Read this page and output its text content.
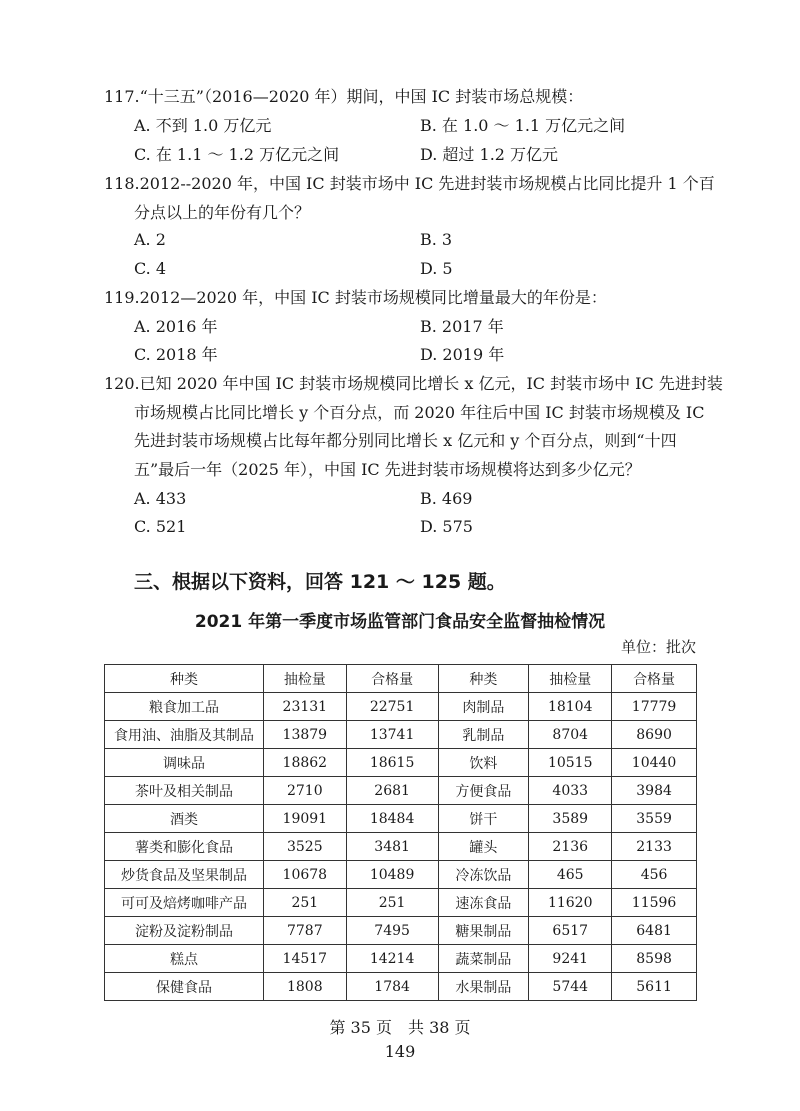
117.“十三五”（2016—2020 年）期间，中国 IC 封装市场总规模：
A. 不到 1.0 万亿元	B. 在 1.0 ～ 1.1 万亿元之间
C. 在 1.1 ～ 1.2 万亿元之间	D. 超过 1.2 万亿元
118.2012--2020 年，中国 IC 封装市场中 IC 先进封装市场规模占比同比提升 1 个百
分点以上的年份有几个？
A. 2	B. 3
C. 4	D. 5
119.2012—2020 年，中国 IC 封装市场规模同比增量最大的年份是：
A. 2016 年	B. 2017 年
C. 2018 年	D. 2019 年
120.已知 2020 年中国 IC 封装市场规模同比增长 x 亿元，IC 封装市场中 IC 先进封装
市场规模占比同比增长 y 个百分点，而 2020 年往后中国 IC 封装市场规模及 IC
先进封装市场规模占比每年都分别同比增长 x 亿元和 y 个百分点，则到“十四
五”最后一年（2025 年），中国 IC 先进封装市场规模将达到多少亿元？
A. 433	B. 469
C. 521	D. 575
三、根据以下资料，回答 121 ～ 125 题。
2021 年第一季度市场监管部门食品安全监督抽检情况
单位：批次
种类	抽检量	合格量	种类	抽检量	合格量
粮食加工品	23131	22751	肉制品	18104	17779
食用油、油脂及其制品	13879	13741	乳制品	8704	8690
调味品	18862	18615	饮料	10515	10440
茶叶及相关制品	2710	2681	方便食品	4033	3984
酒类	19091	18484	饼干	3589	3559
薯类和膨化食品	3525	3481	罐头	2136	2133
炒货食品及坚果制品	10678	10489	冷冻饮品	465	456
可可及焙烤咖啡产品	251	251	速冻食品	11620	11596
淀粉及淀粉制品	7787	7495	糖果制品	6517	6481
糕点	14517	14214	蔬菜制品	9241	8598
保健食品	1808	1784	水果制品	5744	5611
第 35 页　共 38 页
149
